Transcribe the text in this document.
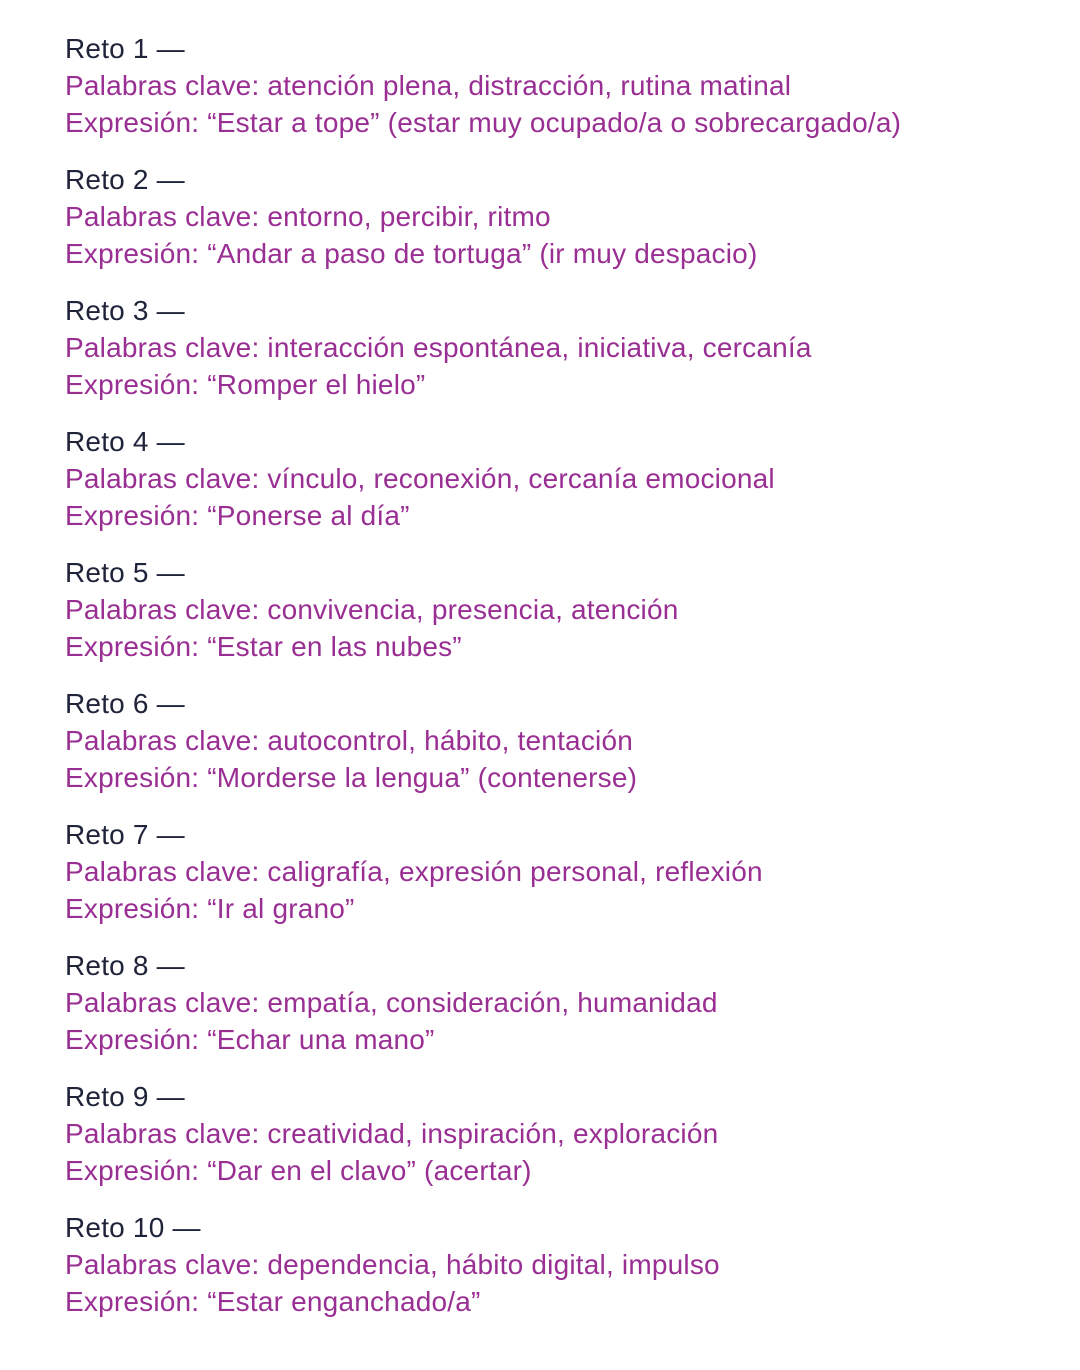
Reto 1 —
Palabras clave: atención plena, distracción, rutina matinal
Expresión: “Estar a tope” (estar muy ocupado/a o sobrecargado/a)
Reto 2 —
Palabras clave: entorno, percibir, ritmo
Expresión: “Andar a paso de tortuga” (ir muy despacio)
Reto 3 —
Palabras clave: interacción espontánea, iniciativa, cercanía
Expresión: “Romper el hielo”
Reto 4 —
Palabras clave: vínculo, reconexión, cercanía emocional
Expresión: “Ponerse al día”
Reto 5 —
Palabras clave: convivencia, presencia, atención
Expresión: “Estar en las nubes”
Reto 6 —
Palabras clave: autocontrol, hábito, tentación
Expresión: “Morderse la lengua” (contenerse)
Reto 7 —
Palabras clave: caligrafía, expresión personal, reflexión
Expresión: “Ir al grano”
Reto 8 —
Palabras clave: empatía, consideración, humanidad
Expresión: “Echar una mano”
Reto 9 —
Palabras clave: creatividad, inspiración, exploración
Expresión: “Dar en el clavo” (acertar)
Reto 10 —
Palabras clave: dependencia, hábito digital, impulso
Expresión: “Estar enganchado/a”
